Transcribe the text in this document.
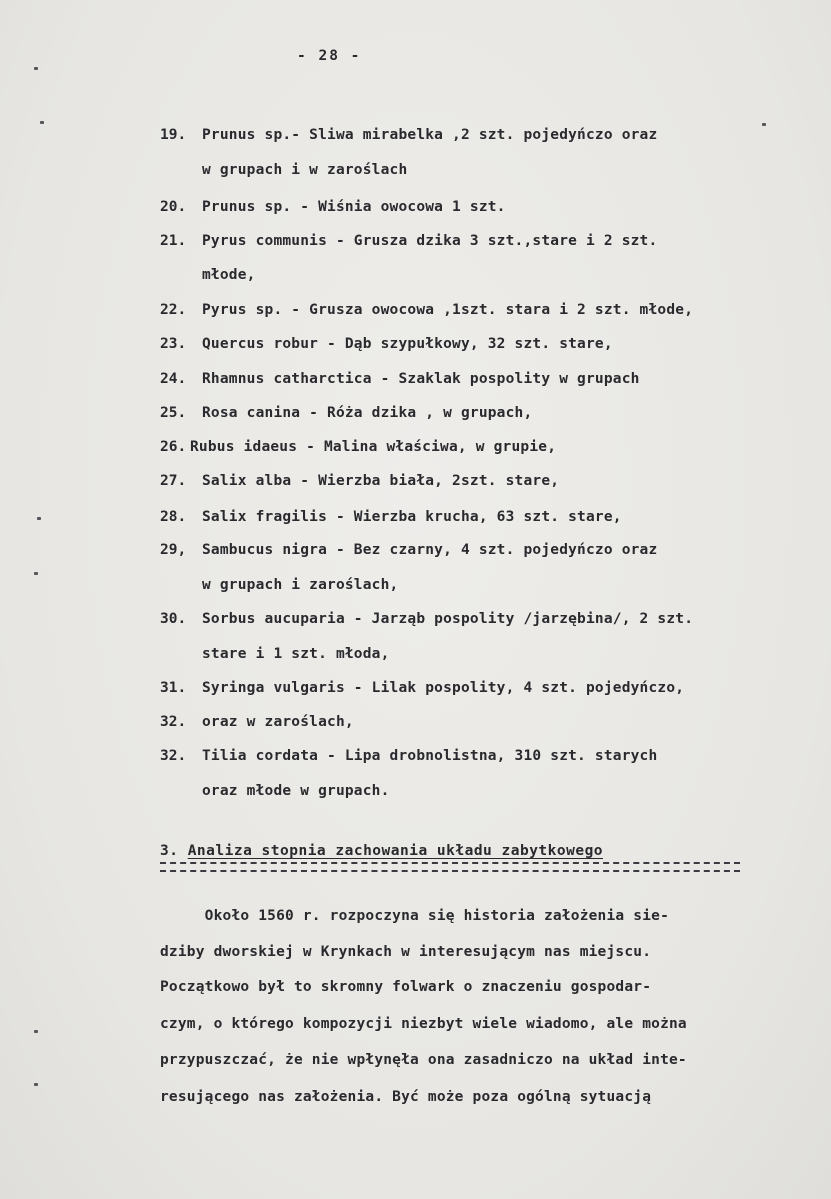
- 28 -
19. Prunus sp.- Sliwa mirabelka ,2 szt. pojedyńczo oraz
w grupach i w zaroślach
20. Prunus sp. - Wiśnia owocowa 1 szt.
21. Pyrus communis - Grusza dzika 3 szt.,stare i 2 szt.
młode,
22. Pyrus sp. - Grusza owocowa ,1szt. stara i 2 szt. młode,
23. Quercus robur - Dąb szypułkowy, 32 szt. stare,
24. Rhamnus catharctica - Szaklak pospolity w grupach
25. Rosa canina - Róża dzika , w grupach,
26. Rubus idaeus - Malina właściwa, w grupie,
27. Salix alba - Wierzba biała, 2szt. stare,
28. Salix fragilis - Wierzba krucha, 63 szt. stare,
29, Sambucus nigra - Bez czarny, 4 szt. pojedyńczo oraz
w grupach i zaroślach,
30. Sorbus aucuparia - Jarząb pospolity /jarzębina/, 2 szt.
stare i 1 szt. młoda,
31. Syringa vulgaris - Lilak pospolity, 4 szt. pojedyńczo,
32. oraz w zaroślach,
32. Tilia cordata - Lipa drobnolistna, 310 szt. starych
oraz młode w grupach.
3. Analiza stopnia zachowania układu zabytkowego
Około 1560 r. rozpoczyna się historia założenia sie-
dziby dworskiej w Krynkach w interesującym nas miejscu.
Początkowo był to skromny folwark o znaczeniu gospodar-
czym, o którego kompozycji niezbyt wiele wiadomo, ale można
przypuszczać, że nie wpłynęła ona zasadniczo na układ inte-
resującego nas założenia. Być może poza ogólną sytuacją
